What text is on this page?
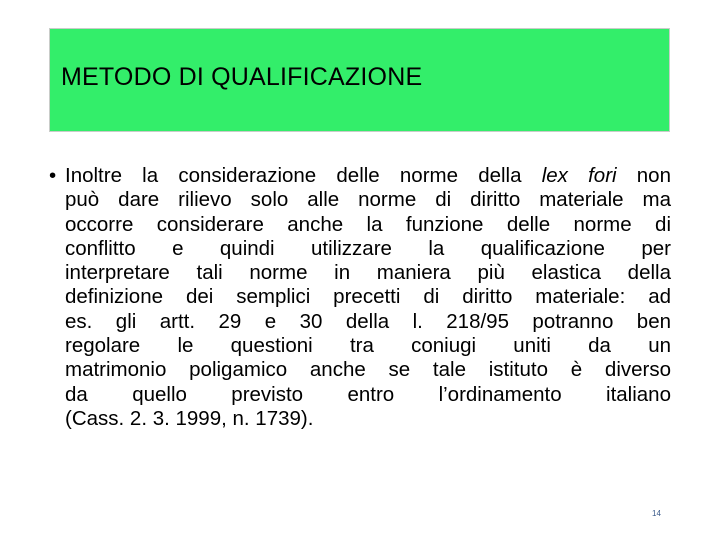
METODO DI QUALIFICAZIONE
• Inoltre la considerazione delle norme della lex fori non
può dare rilievo solo alle norme di diritto materiale ma
occorre considerare anche la funzione delle norme di
conflitto e quindi utilizzare la qualificazione per
interpretare tali norme in maniera più elastica della
definizione dei semplici precetti di diritto materiale: ad
es. gli artt. 29 e 30 della l. 218/95 potranno ben
regolare le questioni tra coniugi uniti da un
matrimonio poligamico anche se tale istituto è diverso
da quello previsto entro l’ordinamento italiano
(Cass. 2. 3. 1999, n. 1739).
14
